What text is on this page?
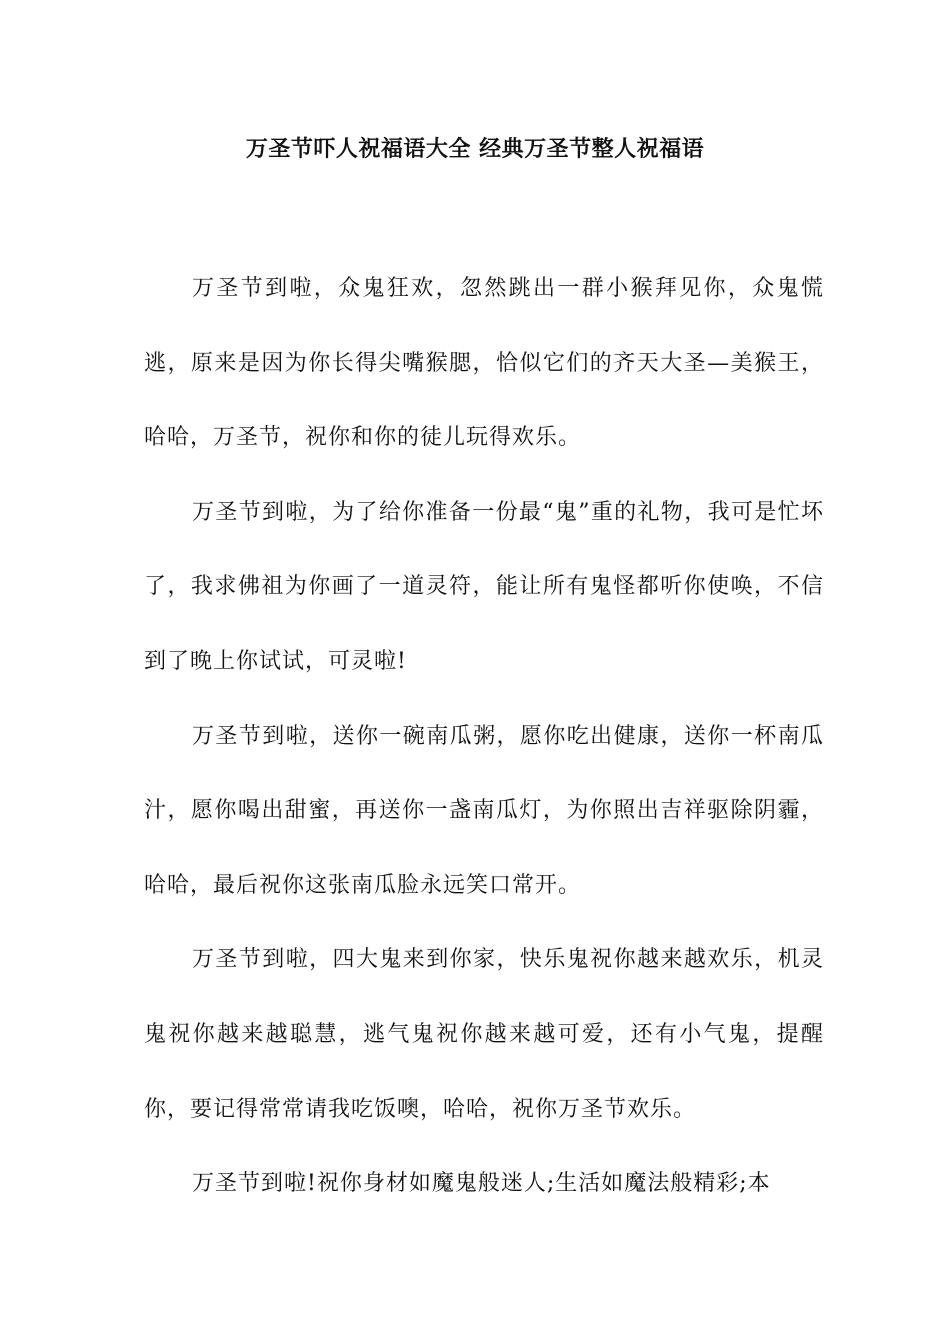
万圣节吓人祝福语大全 经典万圣节整人祝福语

万圣节到啦，众鬼狂欢，忽然跳出一群小猴拜见你，众鬼慌逃，原来是因为你长得尖嘴猴腮，恰似它们的齐天大圣—美猴王，哈哈，万圣节，祝你和你的徒儿玩得欢乐。

万圣节到啦，为了给你准备一份最“鬼”重的礼物，我可是忙坏了，我求佛祖为你画了一道灵符，能让所有鬼怪都听你使唤，不信到了晚上你试试，可灵啦!

万圣节到啦，送你一碗南瓜粥，愿你吃出健康，送你一杯南瓜汁，愿你喝出甜蜜，再送你一盏南瓜灯，为你照出吉祥驱除阴霾，哈哈，最后祝你这张南瓜脸永远笑口常开。

万圣节到啦，四大鬼来到你家，快乐鬼祝你越来越欢乐，机灵鬼祝你越来越聪慧，逃气鬼祝你越来越可爱，还有小气鬼，提醒你，要记得常常请我吃饭噢，哈哈，祝你万圣节欢乐。

万圣节到啦!祝你身材如魔鬼般迷人;生活如魔法般精彩;本
